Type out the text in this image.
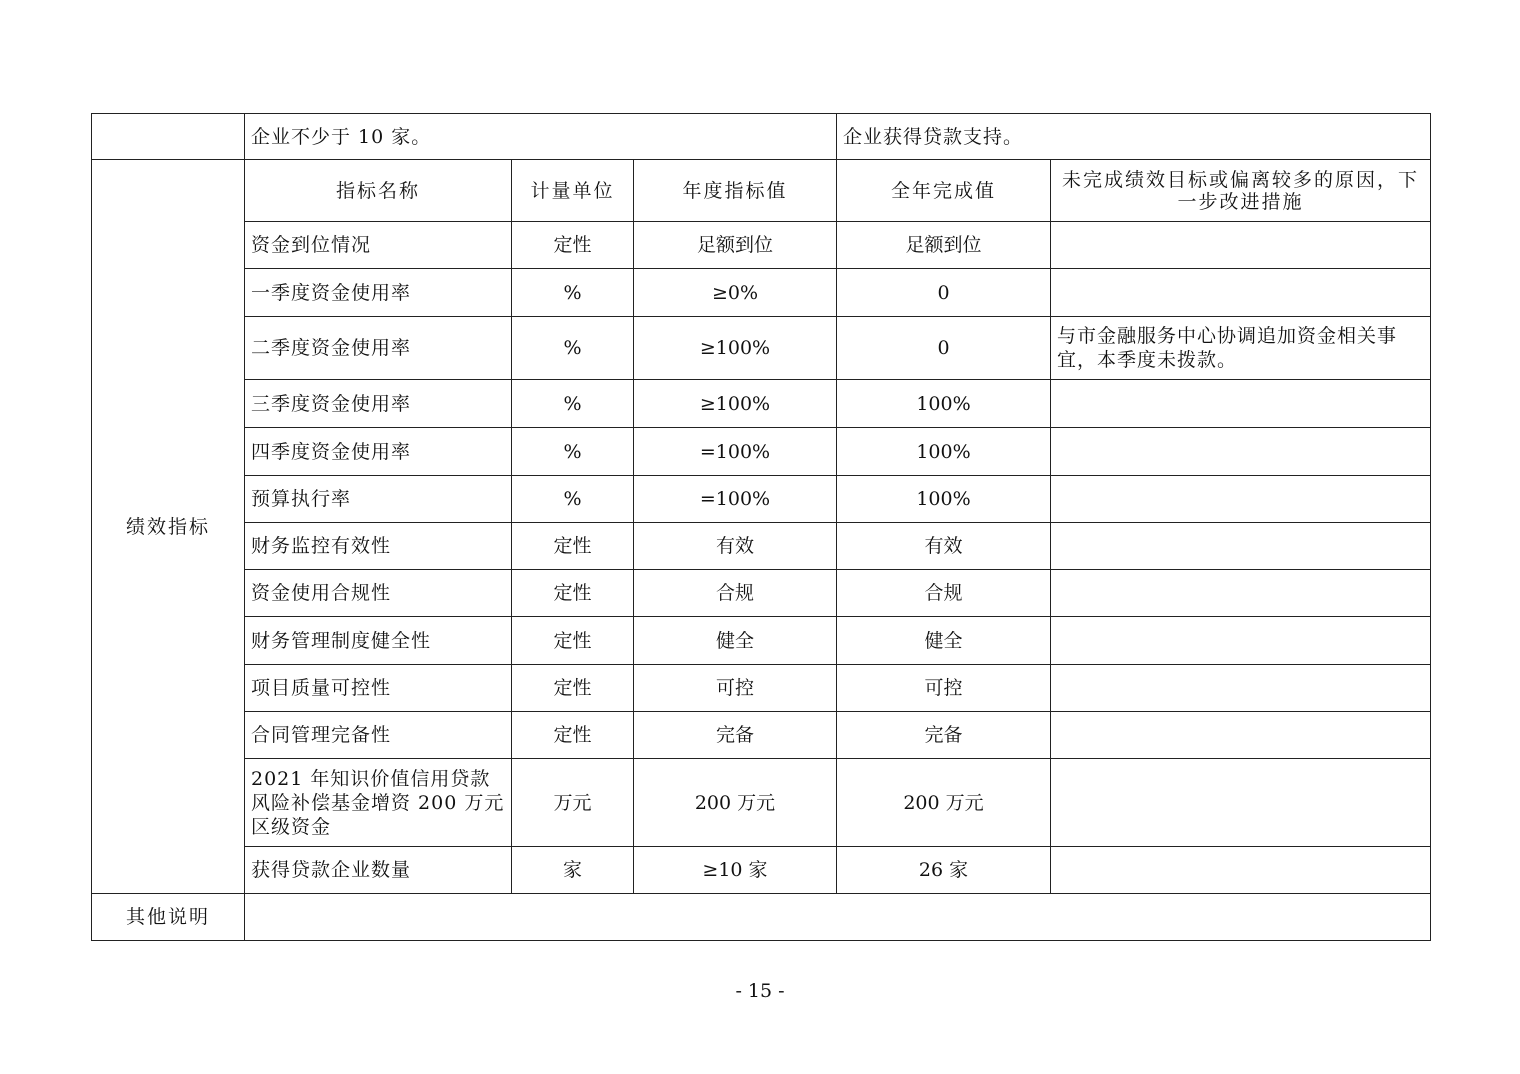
	企业不少于 10 家。			企业获得贷款支持。	
绩效指标	指标名称	计量单位	年度指标值	全年完成值	未完成绩效目标或偏离较多的原因，下一步改进措施
	资金到位情况	定性	足额到位	足额到位	
	一季度资金使用率	%	≥0%	0	
	二季度资金使用率	%	≥100%	0	与市金融服务中心协调追加资金相关事宜，本季度未拨款。
	三季度资金使用率	%	≥100%	100%	
	四季度资金使用率	%	=100%	100%	
	预算执行率	%	=100%	100%	
	财务监控有效性	定性	有效	有效	
	资金使用合规性	定性	合规	合规	
	财务管理制度健全性	定性	健全	健全	
	项目质量可控性	定性	可控	可控	
	合同管理完备性	定性	完备	完备	
	2021 年知识价值信用贷款风险补偿基金增资 200 万元区级资金	万元	200 万元	200 万元	
	获得贷款企业数量	家	≥10 家	26 家	
其他说明					
- 15 -
